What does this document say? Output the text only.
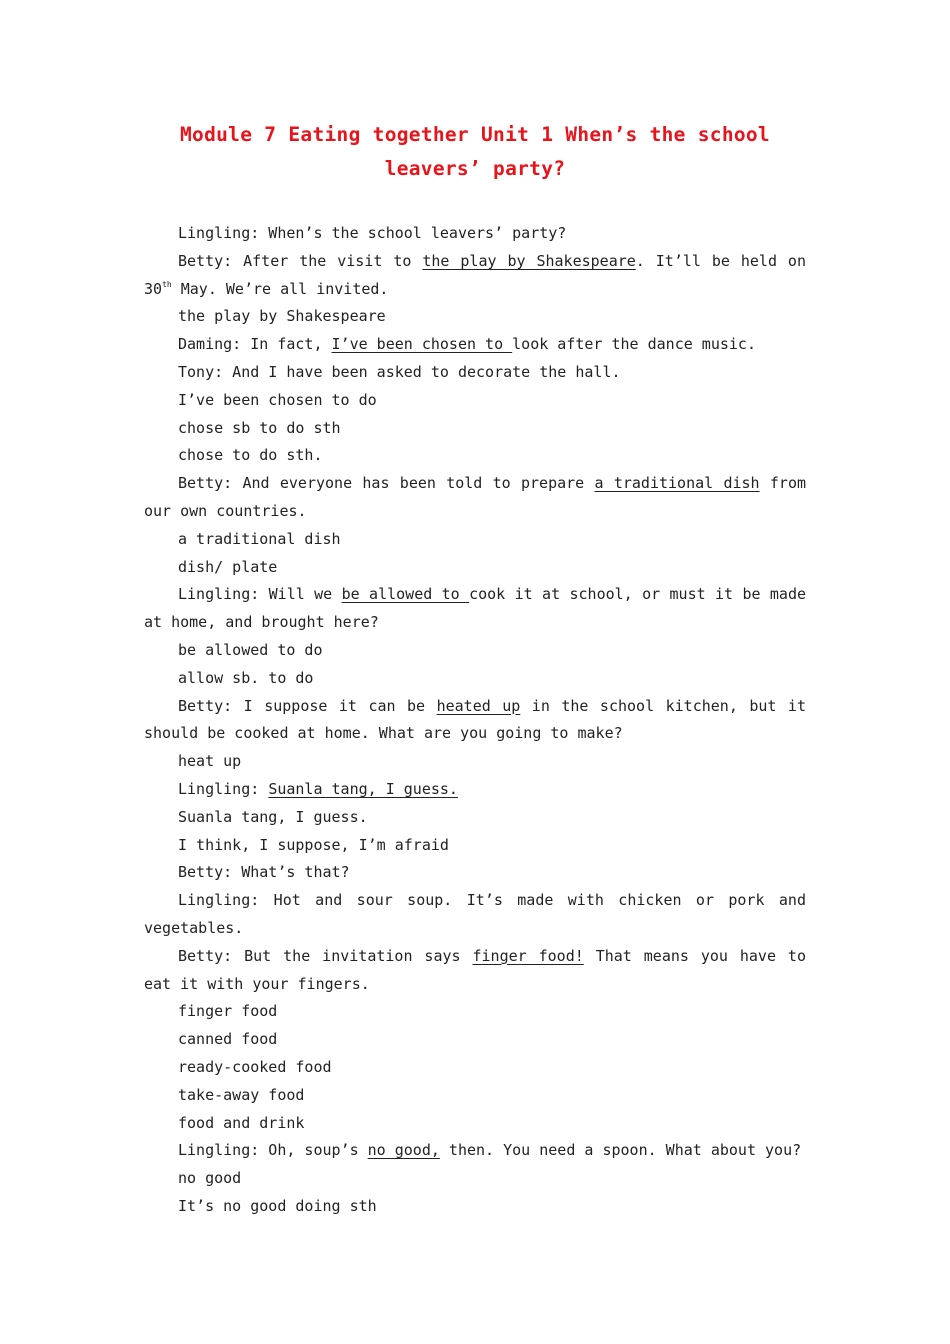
Module 7 Eating together Unit 1 When’s the school
leavers’ party?

Lingling: When’s the school leavers’ party?

Betty: After the visit to the play by Shakespeare. It’ll be held on 30th May. We’re all invited.

the play by Shakespeare

Daming: In fact, I’ve been chosen to look after the dance music.

Tony: And I have been asked to decorate the hall.

I’ve been chosen to do

chose sb to do sth

chose to do sth.

Betty: And everyone has been told to prepare a traditional dish from our own countries.

a traditional dish

dish/ plate

Lingling: Will we be allowed to cook it at school, or must it be made at home, and brought here?

be allowed to do

allow sb. to do

Betty: I suppose it can be heated up in the school kitchen, but it should be cooked at home. What are you going to make?

heat up

Lingling: Suanla tang, I guess.

Suanla tang, I guess.

I think, I suppose, I’m afraid

Betty: What’s that?

Lingling: Hot and sour soup. It’s made with chicken or pork and vegetables.

Betty: But the invitation says finger food! That means you have to eat it with your fingers.

finger food

canned food

ready-cooked food

take-away food

food and drink

Lingling: Oh, soup’s no good, then. You need a spoon. What about you?

no good

It’s no good doing sth
